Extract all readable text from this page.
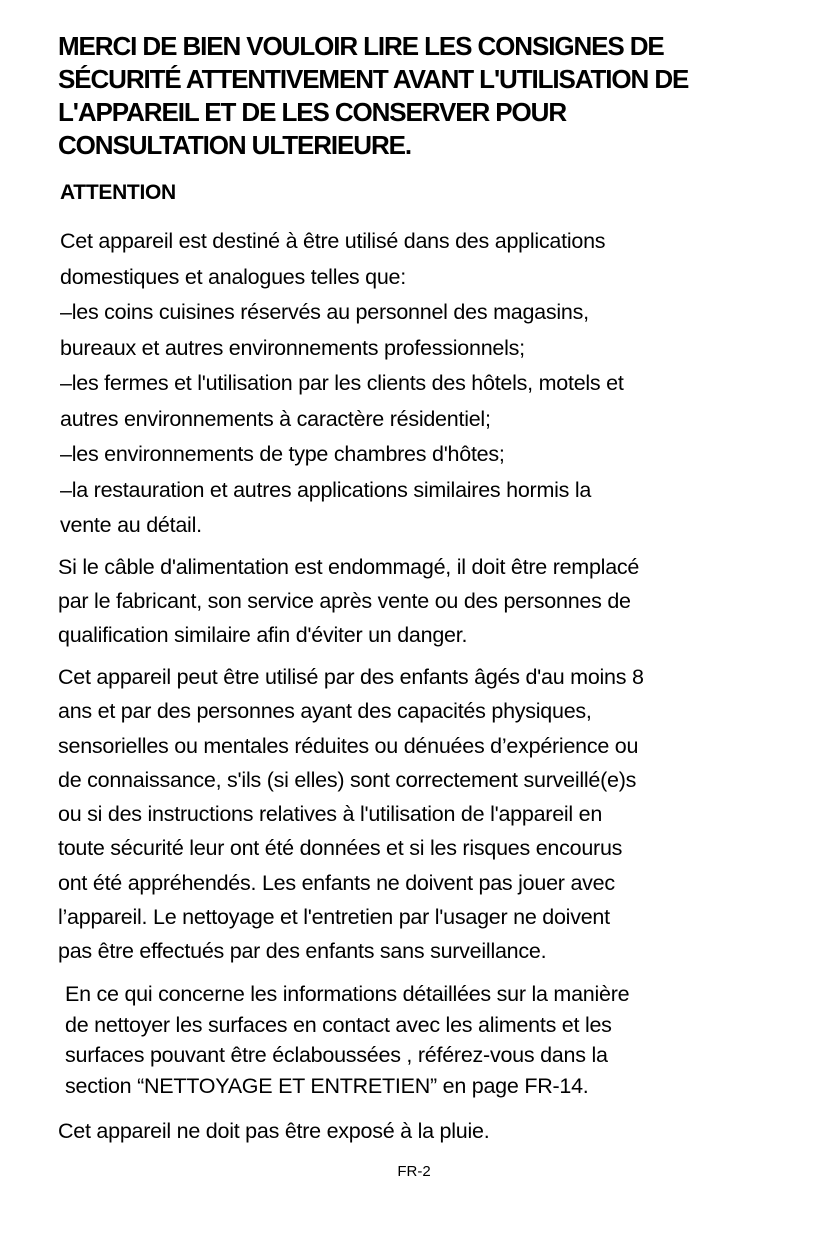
MERCI DE BIEN VOULOIR LIRE LES CONSIGNES DE
SÉCURITÉ ATTENTIVEMENT AVANT L'UTILISATION DE
L'APPAREIL ET DE LES CONSERVER POUR
CONSULTATION ULTERIEURE.
ATTENTION

Cet appareil est destiné à être utilisé dans des applications
domestiques et analogues telles que:
–les coins cuisines réservés au personnel des magasins,
bureaux et autres environnements professionnels;
–les fermes et l'utilisation par les clients des hôtels, motels et
autres environnements à caractère résidentiel;
–les environnements de type chambres d'hôtes;
–la restauration et autres applications similaires hormis la
vente au détail.

Si le câble d'alimentation est endommagé, il doit être remplacé
par le fabricant, son service après vente ou des personnes de
qualification similaire afin d'éviter un danger.

Cet appareil peut être utilisé par des enfants âgés d'au moins 8
ans et par des personnes ayant des capacités physiques,
sensorielles ou mentales réduites ou dénuées d’expérience ou
de connaissance, s'ils (si elles) sont correctement surveillé(e)s
ou si des instructions relatives à l'utilisation de l'appareil en
toute sécurité leur ont été données et si les risques encourus
ont été appréhendés. Les enfants ne doivent pas jouer avec
l’appareil. Le nettoyage et l'entretien par l'usager ne doivent
pas être effectués par des enfants sans surveillance.

En ce qui concerne les informations détaillées sur la manière
de nettoyer les surfaces en contact avec les aliments et les
surfaces pouvant être éclaboussées , référez-vous dans la
section “NETTOYAGE ET ENTRETIEN” en page FR-14.

Cet appareil ne doit pas être exposé à la pluie.

FR-2
